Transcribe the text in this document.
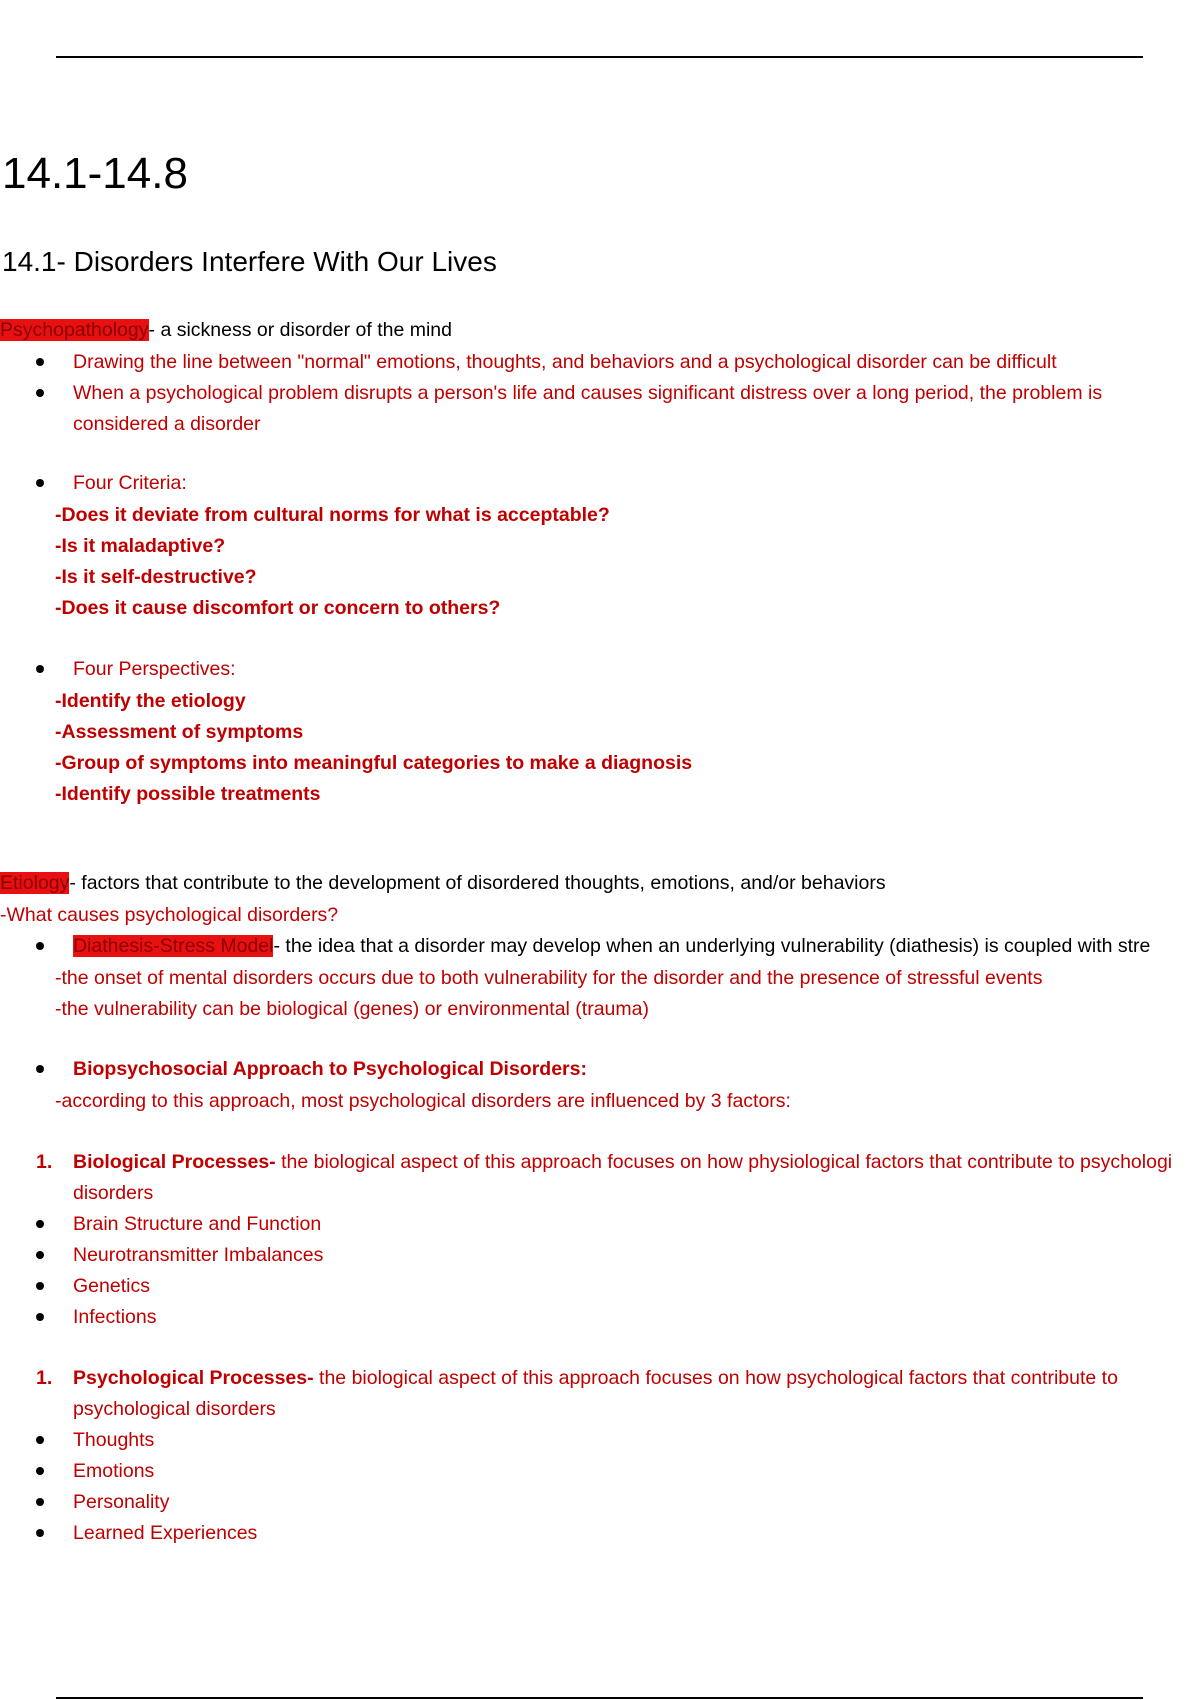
14.1-14.8
14.1- Disorders Interfere With Our Lives
Psychopathology- a sickness or disorder of the mind
Drawing the line between "normal" emotions, thoughts, and behaviors and a psychological disorder can be difficult
When a psychological problem disrupts a person's life and causes significant distress over a long period, the problem is
considered a disorder
Four Criteria:
-Does it deviate from cultural norms for what is acceptable?
-Is it maladaptive?
-Is it self-destructive?
-Does it cause discomfort or concern to others?
Four Perspectives:
-Identify the etiology
-Assessment of symptoms
-Group of symptoms into meaningful categories to make a diagnosis
-Identify possible treatments
Etiology- factors that contribute to the development of disordered thoughts, emotions, and/or behaviors
-What causes psychological disorders?
Diathesis-Stress Model- the idea that a disorder may develop when an underlying vulnerability (diathesis) is coupled with stre
-the onset of mental disorders occurs due to both vulnerability for the disorder and the presence of stressful events
-the vulnerability can be biological (genes) or environmental (trauma)
Biopsychosocial Approach to Psychological Disorders:
-according to this approach, most psychological disorders are influenced by 3 factors:
1.	Biological Processes- the biological aspect of this approach focuses on how physiological factors that contribute to psychologi
disorders
Brain Structure and Function
Neurotransmitter Imbalances
Genetics
Infections
1.	Psychological Processes- the biological aspect of this approach focuses on how psychological factors that contribute to
psychological disorders
Thoughts
Emotions
Personality
Learned Experiences
